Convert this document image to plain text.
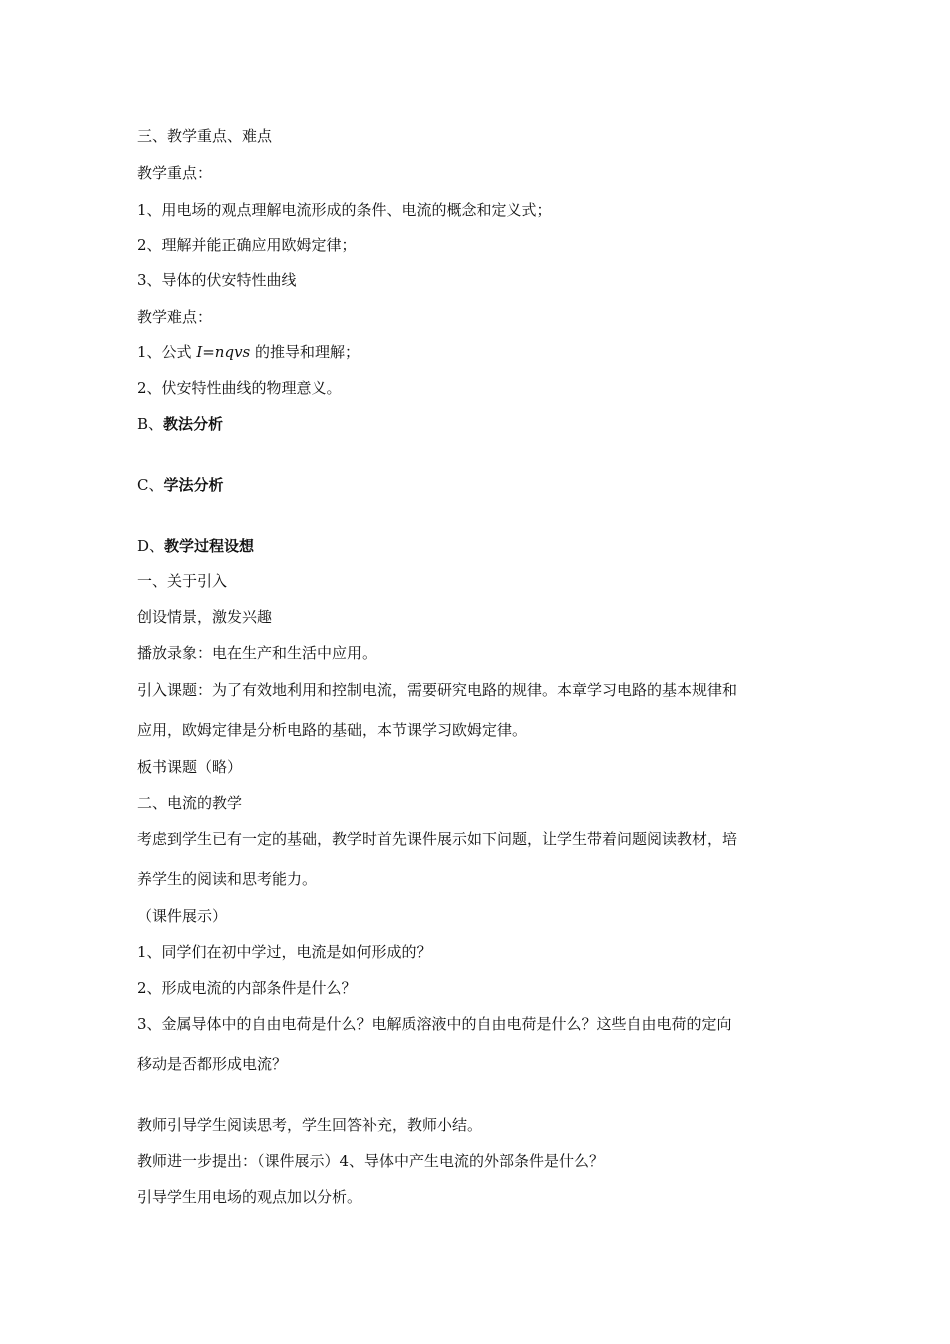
三、教学重点、难点
教学重点：
1、用电场的观点理解电流形成的条件、电流的概念和定义式；
2、理解并能正确应用欧姆定律；
3、导体的伏安特性曲线
教学难点：
1、公式 I=nqvs 的推导和理解；
2、伏安特性曲线的物理意义。
B、教法分析
C、学法分析
D、教学过程设想
一、关于引入
创设情景，激发兴趣
播放录象：电在生产和生活中应用。
引入课题：为了有效地利用和控制电流，需要研究电路的规律。本章学习电路的基本规律和
应用，欧姆定律是分析电路的基础，本节课学习欧姆定律。
板书课题（略）
二、电流的教学
考虑到学生已有一定的基础，教学时首先课件展示如下问题，让学生带着问题阅读教材，培
养学生的阅读和思考能力。
（课件展示）
1、同学们在初中学过，电流是如何形成的？
2、形成电流的内部条件是什么？
3、金属导体中的自由电荷是什么？电解质溶液中的自由电荷是什么？这些自由电荷的定向
移动是否都形成电流？
教师引导学生阅读思考，学生回答补充，教师小结。
教师进一步提出：（课件展示）4、导体中产生电流的外部条件是什么？
引导学生用电场的观点加以分析。
